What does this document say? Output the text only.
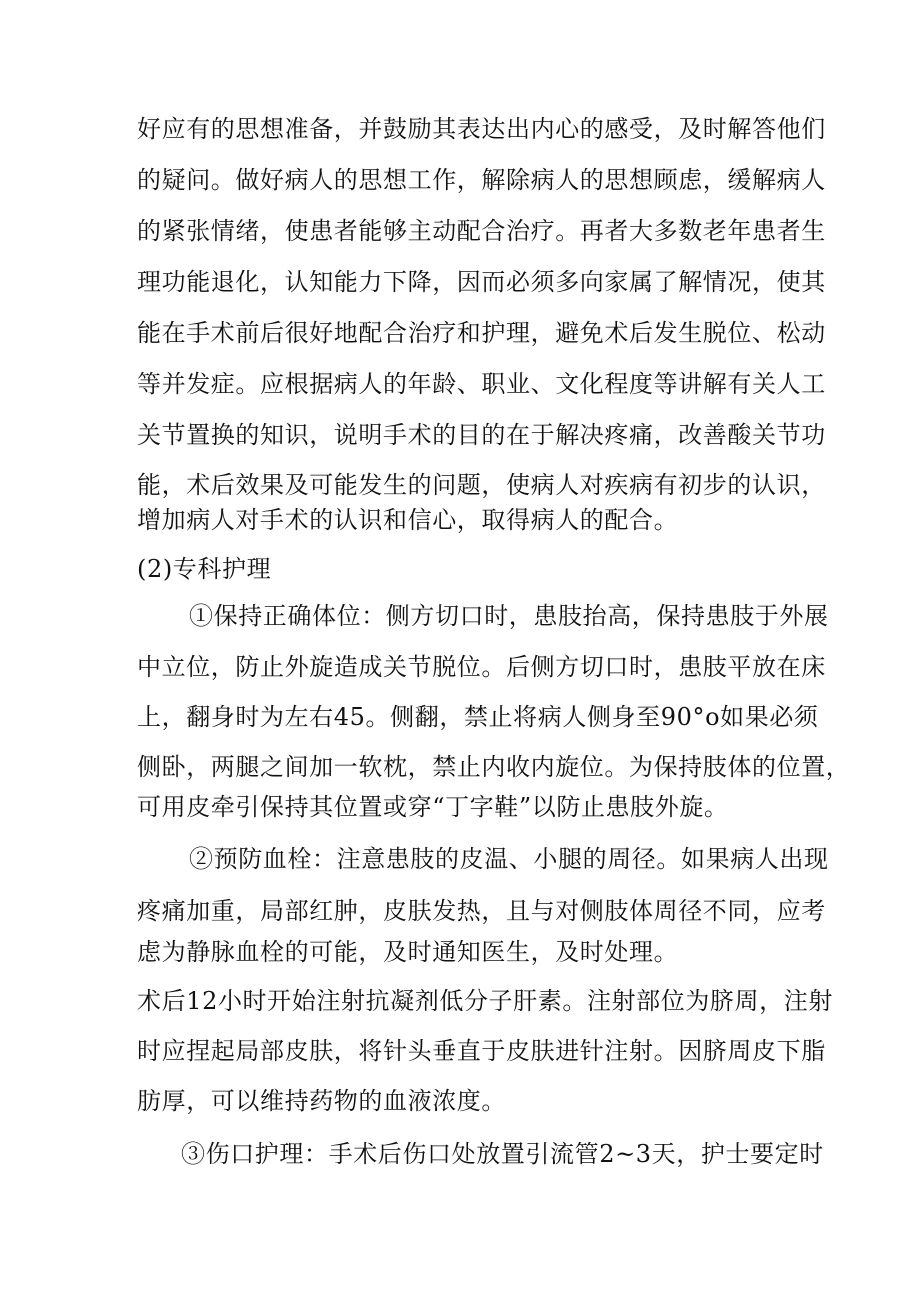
好应有的思想准备，并鼓励其表达出内心的感受，及时解答他们
的疑问。做好病人的思想工作，解除病人的思想顾虑，缓解病人
的紧张情绪，使患者能够主动配合治疗。再者大多数老年患者生
理功能退化，认知能力下降，因而必须多向家属了解情况，使其
能在手术前后很好地配合治疗和护理，避免术后发生脱位、松动
等并发症。应根据病人的年龄、职业、文化程度等讲解有关人工
关节置换的知识，说明手术的目的在于解决疼痛，改善酸关节功
能，术后效果及可能发生的问题，使病人对疾病有初步的认识，
增加病人对手术的认识和信心，取得病人的配合。
(2)专科护理
①保持正确体位：侧方切口时，患肢抬高，保持患肢于外展
中立位，防止外旋造成关节脱位。后侧方切口时，患肢平放在床
上，翻身时为左右45。侧翻，禁止将病人侧身至90°o如果必须
侧卧，两腿之间加一软枕，禁止内收内旋位。为保持肢体的位置，
可用皮牵引保持其位置或穿“丁字鞋”以防止患肢外旋。
②预防血栓：注意患肢的皮温、小腿的周径。如果病人出现
疼痛加重，局部红肿，皮肤发热，且与对侧肢体周径不同，应考
虑为静脉血栓的可能，及时通知医生，及时处理。
术后12小时开始注射抗凝剂低分子肝素。注射部位为脐周，注射
时应捏起局部皮肤，将针头垂直于皮肤进针注射。因脐周皮下脂
肪厚，可以维持药物的血液浓度。
③伤口护理：手术后伤口处放置引流管2~3天，护士要定时
